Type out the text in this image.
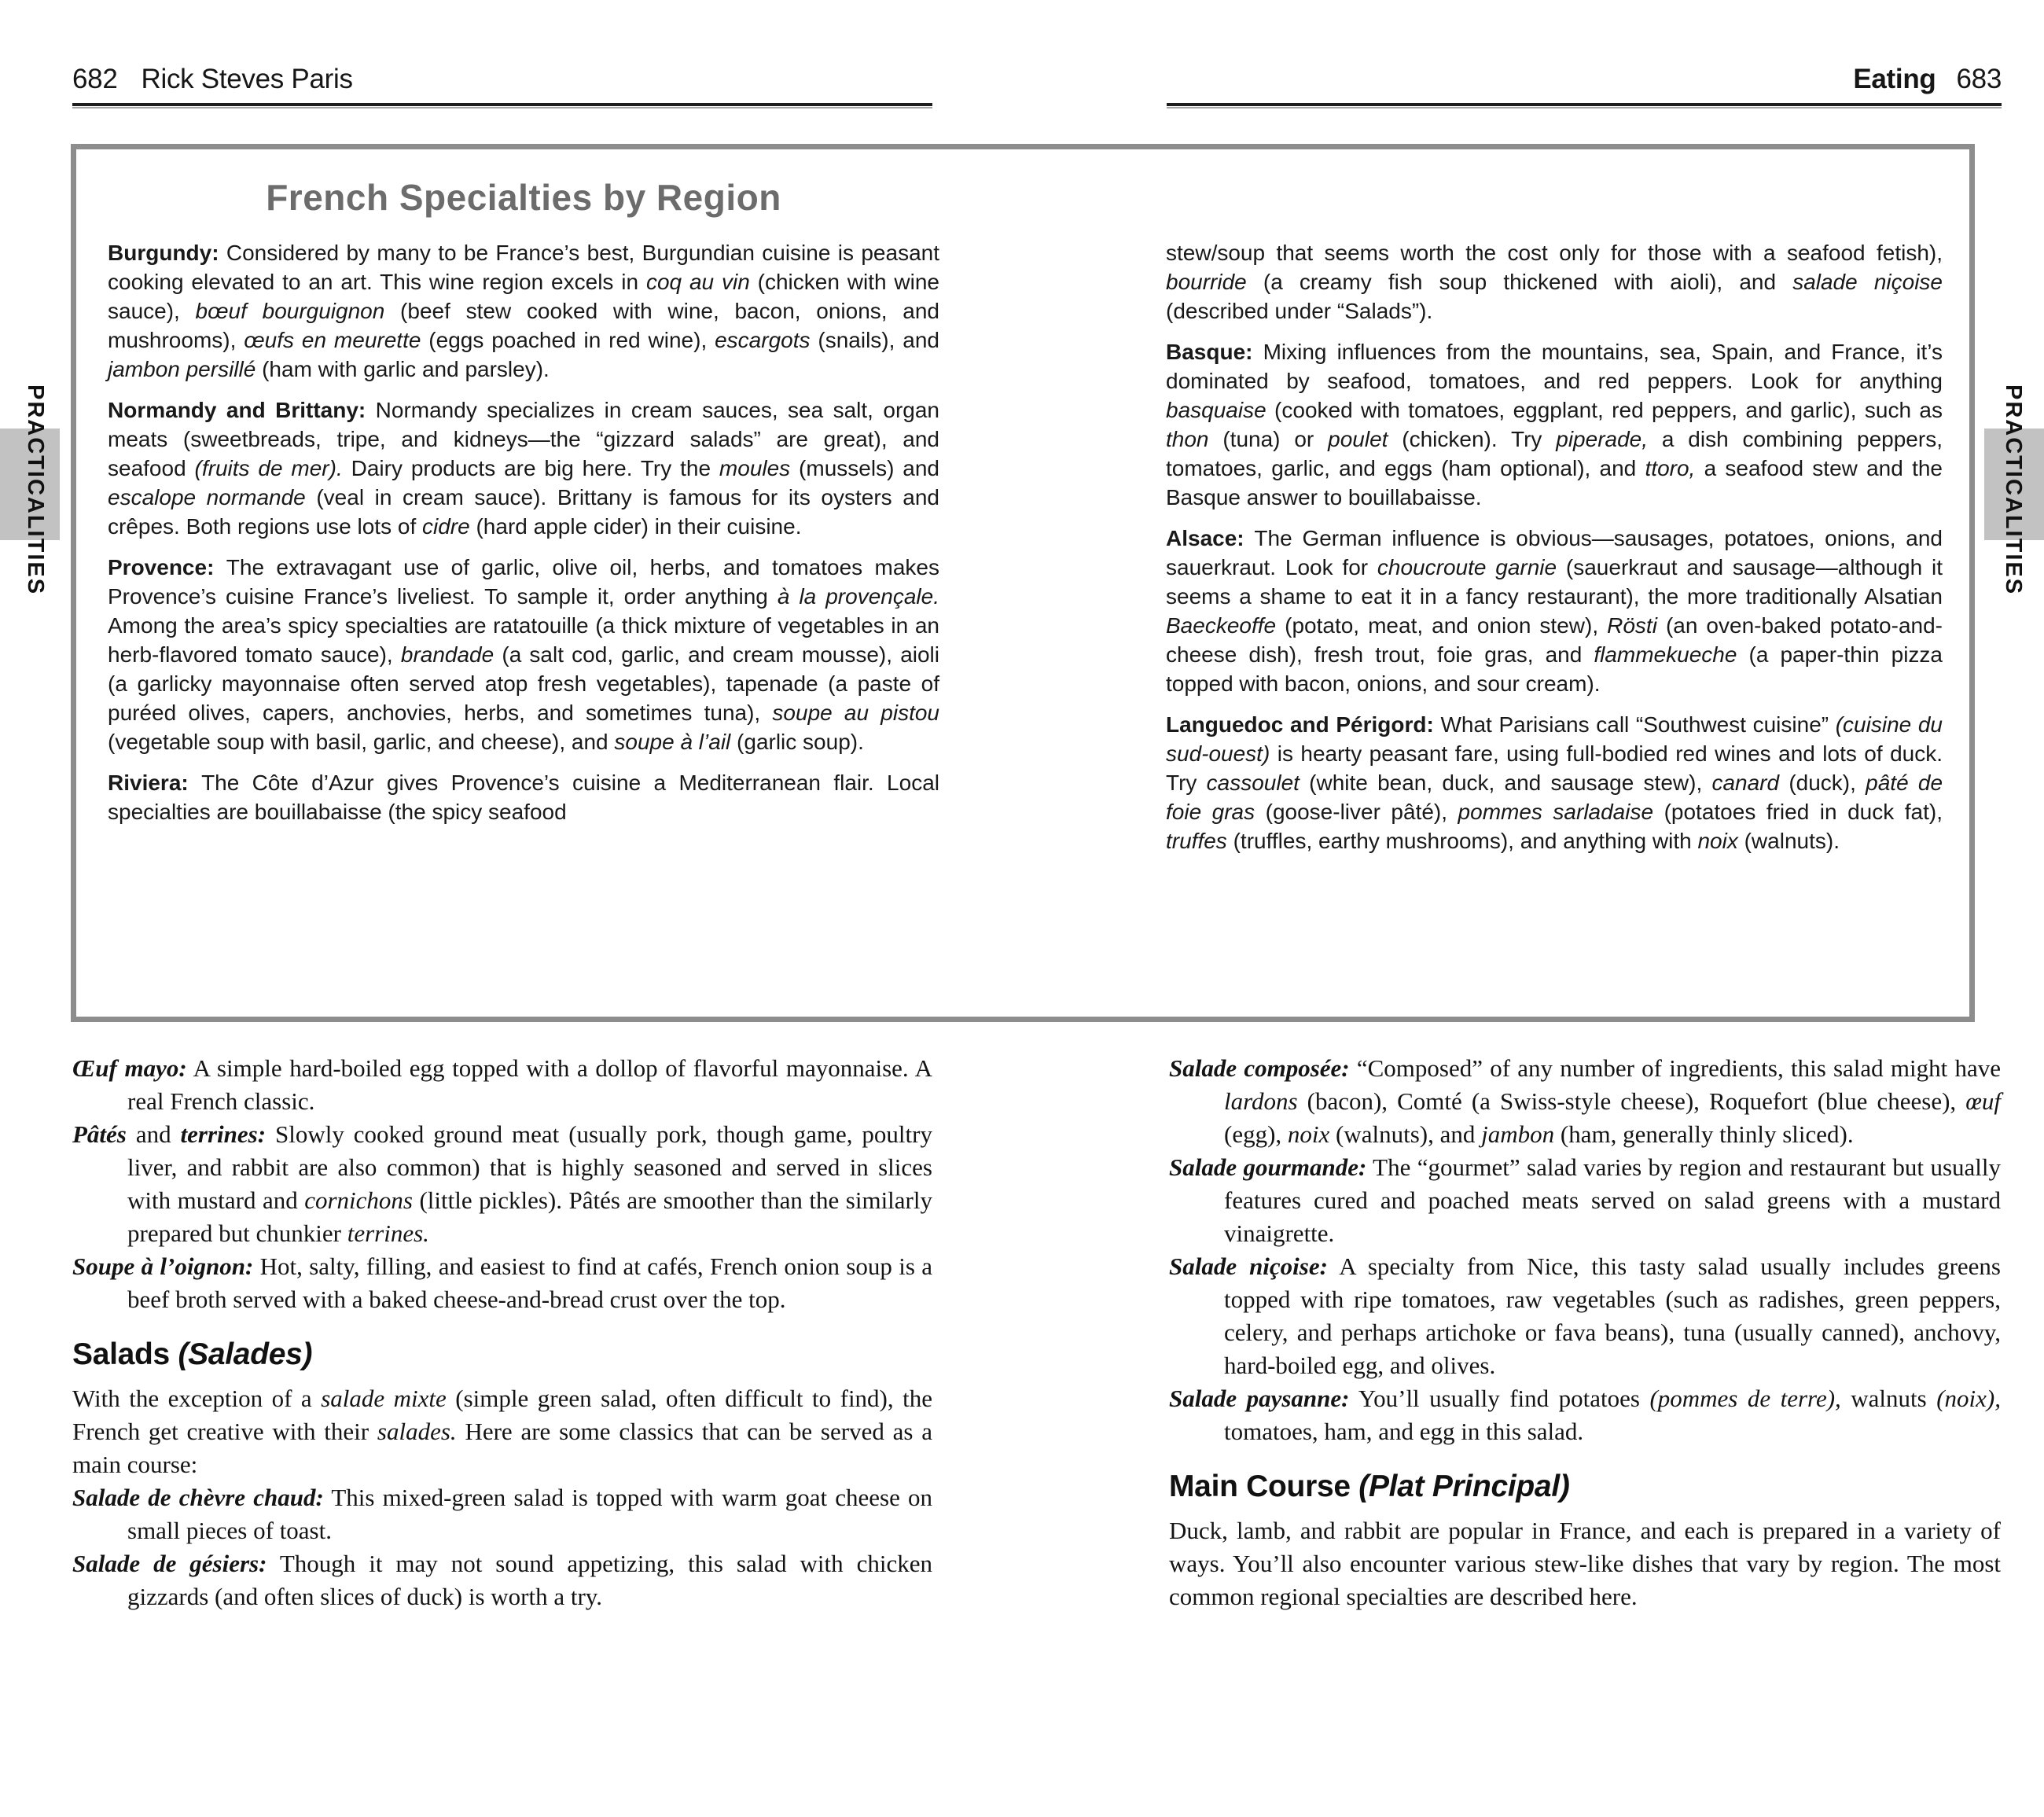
682 Rick Steves Paris	Eating 683
PRACTICALITIES	PRACTICALITIES
French Specialties by Region
Burgundy: Considered by many to be France’s best, Burgundian cuisine is peasant cooking elevated to an art. This wine region excels in coq au vin (chicken with wine sauce), bœuf bourguignon (beef stew cooked with wine, bacon, onions, and mushrooms), œufs en meurette (eggs poached in red wine), escargots (snails), and jambon persillé (ham with garlic and parsley).
Normandy and Brittany: Normandy specializes in cream sauces, sea salt, organ meats (sweetbreads, tripe, and kidneys—the “gizzard salads” are great), and seafood (fruits de mer). Dairy products are big here. Try the moules (mussels) and escalope normande (veal in cream sauce). Brittany is famous for its oysters and crêpes. Both regions use lots of cidre (hard apple cider) in their cuisine.
Provence: The extravagant use of garlic, olive oil, herbs, and tomatoes makes Provence’s cuisine France’s liveliest. To sample it, order anything à la provençale. Among the area’s spicy specialties are ratatouille (a thick mixture of vegetables in an herb-flavored tomato sauce), brandade (a salt cod, garlic, and cream mousse), aioli (a garlicky mayonnaise often served atop fresh vegetables), tapenade (a paste of puréed olives, capers, anchovies, herbs, and sometimes tuna), soupe au pistou (vegetable soup with basil, garlic, and cheese), and soupe à l’ail (garlic soup).
Riviera: The Côte d’Azur gives Provence’s cuisine a Mediterranean flair. Local specialties are bouillabaisse (the spicy seafood
stew/soup that seems worth the cost only for those with a seafood fetish), bourride (a creamy fish soup thickened with aioli), and salade niçoise (described under “Salads”).
Basque: Mixing influences from the mountains, sea, Spain, and France, it’s dominated by seafood, tomatoes, and red peppers. Look for anything basquaise (cooked with tomatoes, eggplant, red peppers, and garlic), such as thon (tuna) or poulet (chicken). Try piperade, a dish combining peppers, tomatoes, garlic, and eggs (ham optional), and ttoro, a seafood stew and the Basque answer to bouillabaisse.
Alsace: The German influence is obvious—sausages, potatoes, onions, and sauerkraut. Look for choucroute garnie (sauerkraut and sausage—although it seems a shame to eat it in a fancy restaurant), the more traditionally Alsatian Baeckeoffe (potato, meat, and onion stew), Rösti (an oven-baked potato-and-cheese dish), fresh trout, foie gras, and flammekueche (a paper-thin pizza topped with bacon, onions, and sour cream).
Languedoc and Périgord: What Parisians call “Southwest cuisine” (cuisine du sud-ouest) is hearty peasant fare, using full-bodied red wines and lots of duck. Try cassoulet (white bean, duck, and sausage stew), canard (duck), pâté de foie gras (goose-liver pâté), pommes sarladaise (potatoes fried in duck fat), truffes (truffles, earthy mushrooms), and anything with noix (walnuts).
Œuf mayo: A simple hard-boiled egg topped with a dollop of flavorful mayonnaise. A real French classic.
Pâtés and terrines: Slowly cooked ground meat (usually pork, though game, poultry liver, and rabbit are also common) that is highly seasoned and served in slices with mustard and cornichons (little pickles). Pâtés are smoother than the similarly prepared but chunkier terrines.
Soupe à l’oignon: Hot, salty, filling, and easiest to find at cafés, French onion soup is a beef broth served with a baked cheese-and-bread crust over the top.
Salads (Salades)
With the exception of a salade mixte (simple green salad, often difficult to find), the French get creative with their salades. Here are some classics that can be served as a main course:
Salade de chèvre chaud: This mixed-green salad is topped with warm goat cheese on small pieces of toast.
Salade de gésiers: Though it may not sound appetizing, this salad with chicken gizzards (and often slices of duck) is worth a try.
Salade composée: “Composed” of any number of ingredients, this salad might have lardons (bacon), Comté (a Swiss-style cheese), Roquefort (blue cheese), œuf (egg), noix (walnuts), and jambon (ham, generally thinly sliced).
Salade gourmande: The “gourmet” salad varies by region and restaurant but usually features cured and poached meats served on salad greens with a mustard vinaigrette.
Salade niçoise: A specialty from Nice, this tasty salad usually includes greens topped with ripe tomatoes, raw vegetables (such as radishes, green peppers, celery, and perhaps artichoke or fava beans), tuna (usually canned), anchovy, hard-boiled egg, and olives.
Salade paysanne: You’ll usually find potatoes (pommes de terre), walnuts (noix), tomatoes, ham, and egg in this salad.
Main Course (Plat Principal)
Duck, lamb, and rabbit are popular in France, and each is prepared in a variety of ways. You’ll also encounter various stew-like dishes that vary by region. The most common regional specialties are described here.
